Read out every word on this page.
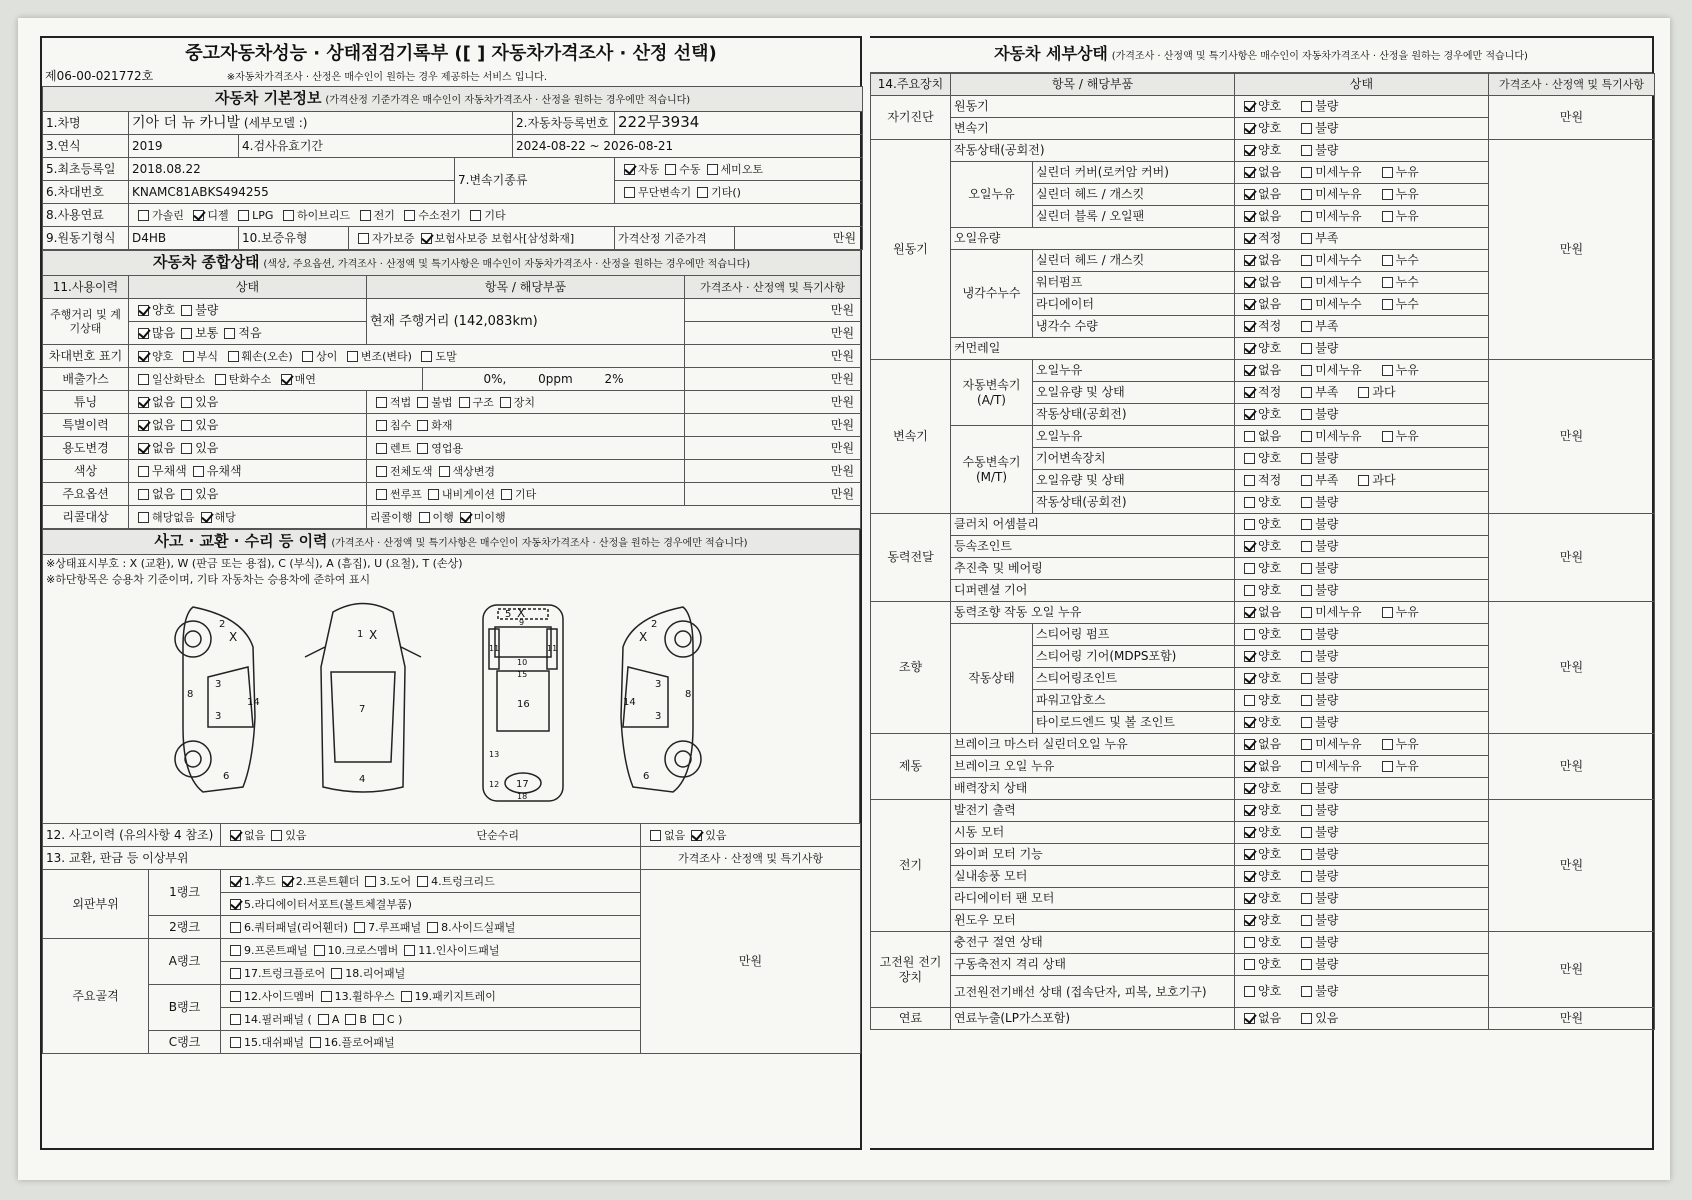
중고자동차성능 · 상태점검기록부 ([ ] 자동차가격조사 · 산정 선택)
제06-00-021772호	※자동차가격조사 · 산정은 매수인이 원하는 경우 제공하는 서비스 입니다.
자동차 기본정보 (가격산정 기준가격은 매수인이 자동차가격조사 · 산정을 원하는 경우에만 적습니다)							
1.차명	기아 더 뉴 카니발 (세부모델 :)				2.자동차등록번호	222무3934	
3.연식	2019	4.검사유효기간			2024-08-22 ~ 2026-08-21		
5.최초등록일	2018.08.22			7.변속기종류		자동 수동 세미오토	
6.차대번호	KNAMC81ABKS494255					무단변속기 기타()	
8.사용연료	가솔린 디젤 LPG 하이브리드 전기 수소전기 기타						
9.원동기형식	D4HB	10.보증유형	자가보증 보험사보증 보험사[삼성화재]			가격산정 기준가격	만원
자동차 종합상태 (색상, 주요옵션, 가격조사 · 산정액 및 특기사항은 매수인이 자동차가격조사 · 산정을 원하는 경우에만 적습니다)				
11.사용이력	상태	항목 / 해당부품		가격조사 · 산정액 및 특기사항
주행거리 및 계기상태	양호 불량	현재 주행거리 (142,083km)		만원
	많음 보통 적음			만원
차대번호 표기	양호 부식 훼손(오손) 상이 변조(변타) 도말			만원
배출가스	일산화탄소 탄화수소 매연		0%, 0ppm 2%	만원
튜닝	없음 있음	적법 불법 구조 장치		만원
특별이력	없음 있음	침수 화재		만원
용도변경	없음 있음	렌트 영업용		만원
색상	무채색 유채색	전체도색 색상변경		만원
주요옵션	없음 있음	썬루프 내비게이션 기타		만원
리콜대상	해당없음 해당	리콜이행 이행 미이행		
사고 · 교환 · 수리 등 이력 (가격조사 · 산정액 및 특기사항은 매수인이 자동차가격조사 · 산정을 원하는 경우에만 적습니다)
※상태표시부호 : X (교환), W (판금 또는 용접), C (부식), A (흠집), U (요철), T (손상)
※하단항목은 승용차 기준이며, 기타 자동차는 승용차에 준하여 표시
2
X
3
3
8
14
6
1 X
7
4
5 X
9
11	11
10
15
16
13
12 17
18
2
X
3
3
8
14
6
12. 사고이력 (유의사항 4 참조)		없음 있음 단순수리	없음 있음
13. 교환, 판금 등 이상부위			가격조사 · 산정액 및 특기사항
외판부위	1랭크	1.후드 2.프론트휀더 3.도어 4.트렁크리드	만원
		5.라디에이터서포트(볼트체결부품)	
	2랭크	6.쿼터패널(리어휀더) 7.루프패널 8.사이드실패널	
주요골격	A랭크	9.프론트패널 10.크로스멤버 11.인사이드패널	
		17.트렁크플로어 18.리어패널	
	B랭크	12.사이드멤버 13.휠하우스 19.패키지트레이	
		14.필러패널 ( A B C )	
	C랭크	15.대쉬패널 16.플로어패널	

자동차 세부상태 (가격조사 · 산정액 및 특기사항은 매수인이 자동차가격조사 · 산정을 원하는 경우에만 적습니다)
14.주요장치	항목 / 해당부품		상태	가격조사 · 산정액 및 특기사항
자기진단	원동기		양호 불량	만원
	변속기		양호 불량	
원동기	작동상태(공회전)		양호 불량	만원
	오일누유	실린더 커버(로커암 커버)	없음 미세누유 누유	
		실린더 헤드 / 개스킷	없음 미세누유 누유	
		실린더 블록 / 오일팬	없음 미세누유 누유	
	오일유량		적정 부족	
	냉각수누수	실린더 헤드 / 개스킷	없음 미세누수 누수	
		워터펌프	없음 미세누수 누수	
		라디에이터	없음 미세누수 누수	
		냉각수 수량	적정 부족	
	커먼레일		양호 불량	
변속기	자동변속기 (A/T)	오일누유	없음 미세누유 누유	만원
		오일유량 및 상태	적정 부족 과다	
		작동상태(공회전)	양호 불량	
	수동변속기 (M/T)	오일누유	없음 미세누유 누유	
		기어변속장치	양호 불량	
		오일유량 및 상태	적정 부족 과다	
		작동상태(공회전)	양호 불량	
동력전달	클러치 어셈블리		양호 불량	만원
	등속조인트		양호 불량	
	추진축 및 베어링		양호 불량	
	디퍼렌셜 기어		양호 불량	
조향	동력조향 작동 오일 누유		없음 미세누유 누유	만원
	작동상태	스티어링 펌프	양호 불량	
		스티어링 기어(MDPS포함)	양호 불량	
		스티어링조인트	양호 불량	
		파워고압호스	양호 불량	
		타이로드엔드 및 볼 조인트	양호 불량	
제동	브레이크 마스터 실린더오일 누유		없음 미세누유 누유	만원
	브레이크 오일 누유		없음 미세누유 누유	
	배력장치 상태		양호 불량	
전기	발전기 출력		양호 불량	만원
	시동 모터		양호 불량	
	와이퍼 모터 기능		양호 불량	
	실내송풍 모터		양호 불량	
	라디에이터 팬 모터		양호 불량	
	윈도우 모터		양호 불량	
고전원 전기장치	충전구 절연 상태		양호 불량	만원
	구동축전지 격리 상태		양호 불량	
	고전원전기배선 상태 (접속단자, 피복, 보호기구)		양호 불량	
연료	연료누출(LP가스포함)		없음 있음	만원
